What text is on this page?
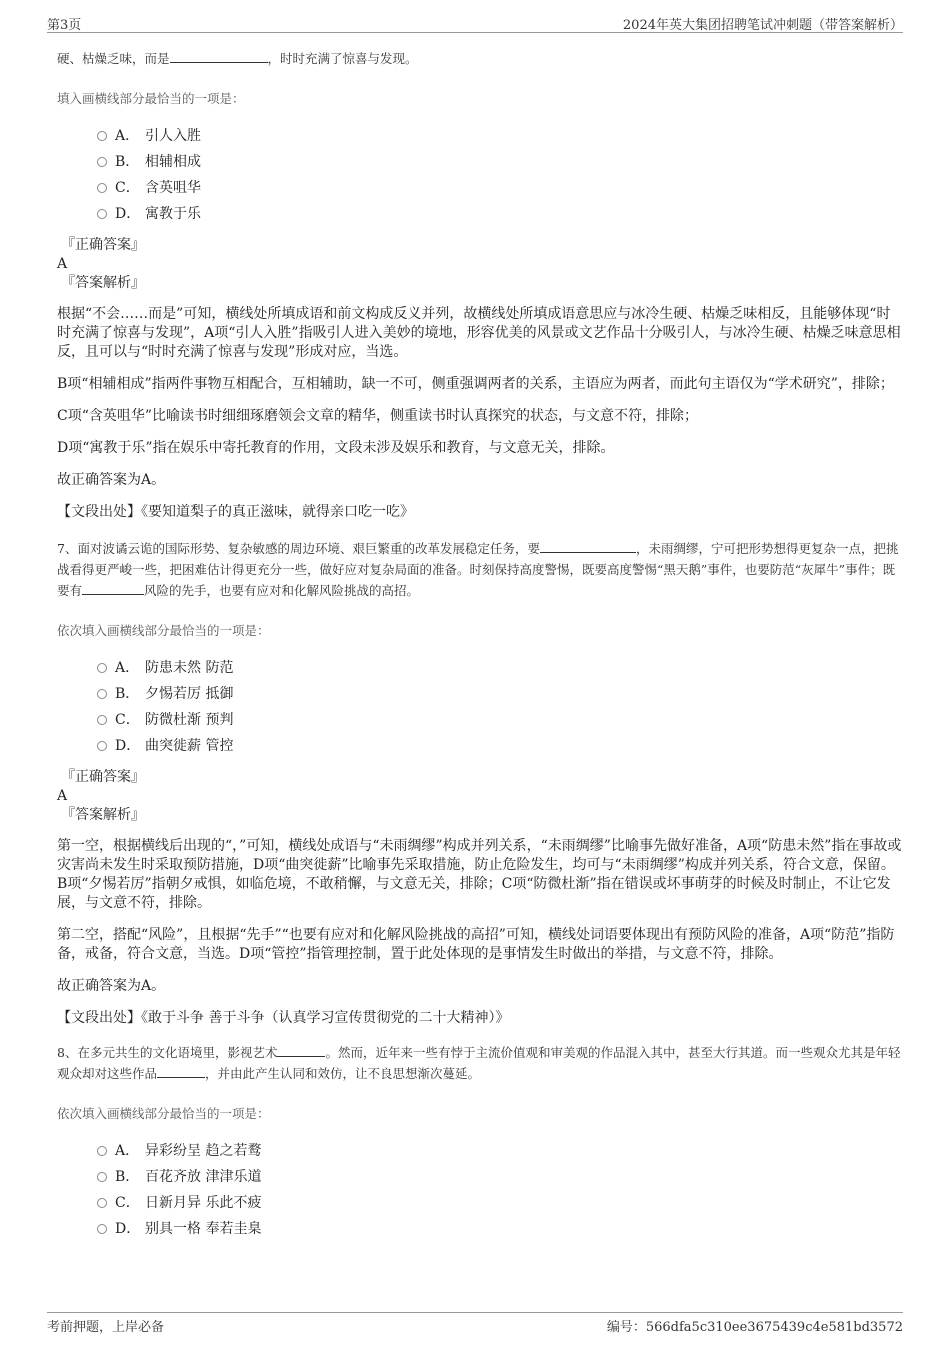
第3页	2024年英大集团招聘笔试冲刺题（带答案解析）

硬、枯燥乏味，而是	，时时充满了惊喜与发现。

填入画横线部分最恰当的一项是：

A． 引人入胜
B． 相辅相成
C． 含英咀华
D． 寓教于乐

『正确答案』

A

『答案解析』

根据“不会……而是”可知，横线处所填成语和前文构成反义并列，故横线处所填成语意思应与冰冷生硬、枯燥乏味相反，且能够体现“时时充满了惊喜与发现”，A项“引人入胜”指吸引人进入美妙的境地，形容优美的风景或文艺作品十分吸引人，与冰冷生硬、枯燥乏味意思相反，且可以与“时时充满了惊喜与发现”形成对应，当选。

B项“相辅相成”指两件事物互相配合，互相辅助，缺一不可，侧重强调两者的关系，主语应为两者，而此句主语仅为“学术研究”，排除；

C项“含英咀华”比喻读书时细细琢磨领会文章的精华，侧重读书时认真探究的状态，与文意不符，排除；

D项“寓教于乐”指在娱乐中寄托教育的作用，文段未涉及娱乐和教育，与文意无关，排除。

故正确答案为A。

【文段出处】《要知道梨子的真正滋味，就得亲口吃一吃》

7、面对波谲云诡的国际形势、复杂敏感的周边环境、艰巨繁重的改革发展稳定任务，要	，未雨绸缪，宁可把形势想得更复杂一点，把挑战看得更严峻一些，把困难估计得更充分一些，做好应对复杂局面的准备。时刻保持高度警惕，既要高度警惕“黑天鹅”事件，也要防范“灰犀牛”事件；既要有	风险的先手，也要有应对和化解风险挑战的高招。

依次填入画横线部分最恰当的一项是：

A． 防患未然 防范
B． 夕惕若厉 抵御
C． 防微杜渐 预判
D． 曲突徙薪 管控

『正确答案』

A

『答案解析』

第一空，根据横线后出现的“，”可知，横线处成语与“未雨绸缪”构成并列关系，“未雨绸缪”比喻事先做好准备，A项“防患未然”指在事故或灾害尚未发生时采取预防措施，D项“曲突徙薪”比喻事先采取措施，防止危险发生，均可与“未雨绸缪”构成并列关系，符合文意，保留。B项“夕惕若厉”指朝夕戒惧，如临危境，不敢稍懈，与文意无关，排除；C项“防微杜渐”指在错误或坏事萌芽的时候及时制止，不让它发展，与文意不符，排除。

第二空，搭配“风险”，且根据“先手”“也要有应对和化解风险挑战的高招”可知，横线处词语要体现出有预防风险的准备，A项“防范”指防备，戒备，符合文意，当选。D项“管控”指管理控制，置于此处体现的是事情发生时做出的举措，与文意不符，排除。

故正确答案为A。

【文段出处】《敢于斗争 善于斗争（认真学习宣传贯彻党的二十大精神）》

8、在多元共生的文化语境里，影视艺术	。然而，近年来一些有悖于主流价值观和审美观的作品混入其中，甚至大行其道。而一些观众尤其是年轻观众却对这些作品	，并由此产生认同和效仿，让不良思想渐次蔓延。

依次填入画横线部分最恰当的一项是：

A． 异彩纷呈 趋之若鹜
B． 百花齐放 津津乐道
C． 日新月异 乐此不疲
D． 别具一格 奉若圭臬
考前押题，上岸必备	编号：566dfa5c310ee3675439c4e581bd3572
